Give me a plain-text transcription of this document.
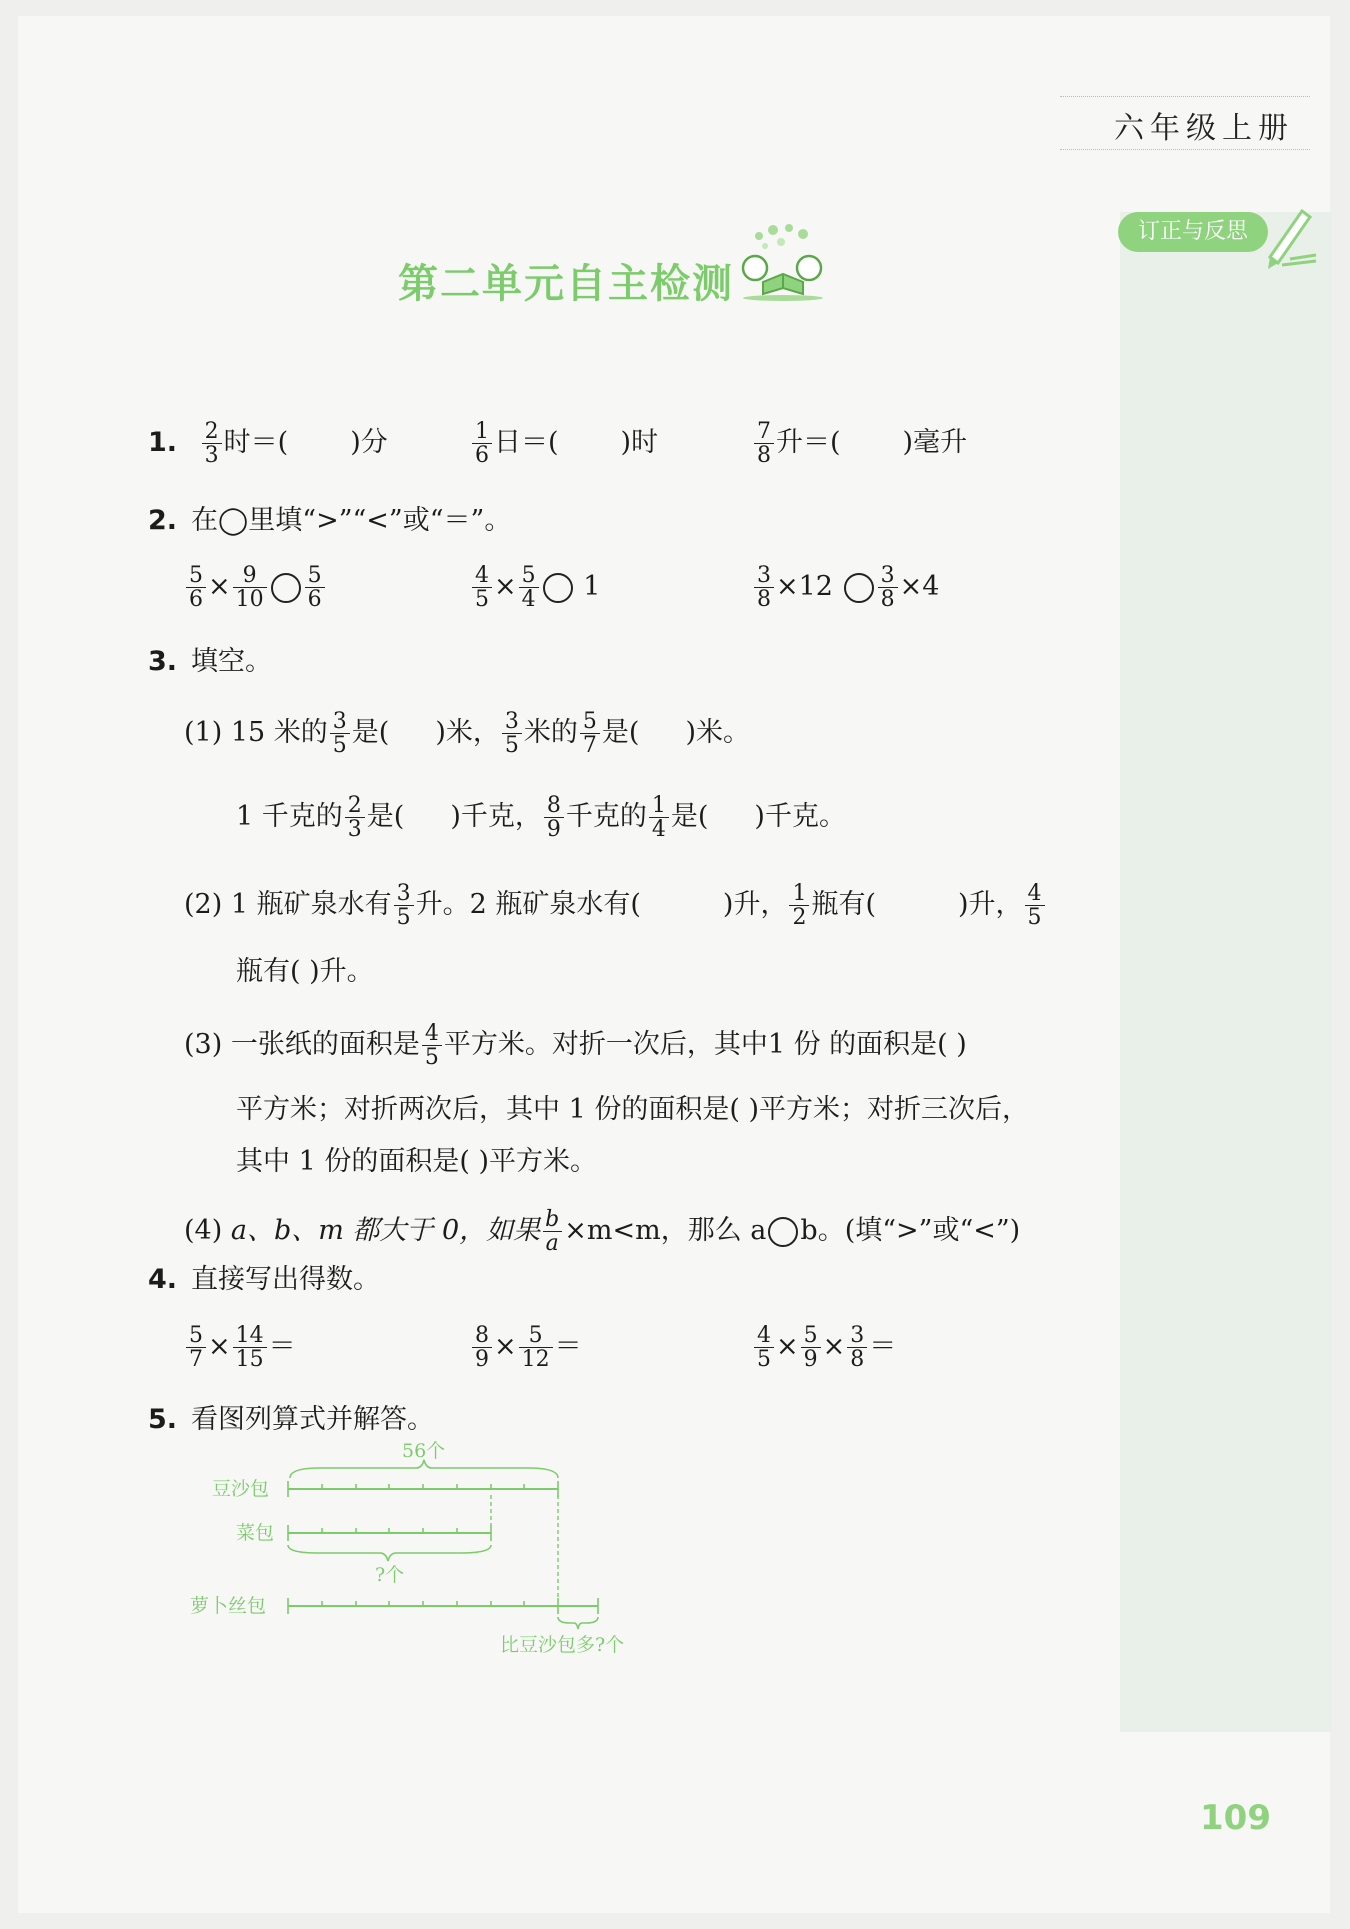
六年级上册
订正与反思
第二单元自主检测
1. $\frac{2}{3}$ 时＝( )分	$\frac{1}{6}$ 日＝( )时	$\frac{7}{8}$ 升＝( )毫升
2. 在◯里填“>”“<”或“＝”。
$\frac{5}{6} \times \frac{9}{10} \frac{5}{6}$	$\frac{4}{5} \times \frac{5}{4} 1$	$\frac{3}{8} \times 12 \frac{3}{8} \times 4$
3. 填空。
(1) 15 米的 $\frac{3}{5}$ 是( )米， $\frac{3}{5}$ 米的 $\frac{5}{7}$ 是( )米。
1 千克的 $\frac{2}{3}$ 是( )千克， $\frac{8}{9}$ 千克的 $\frac{1}{4}$ 是( )千克。
(2) 1 瓶矿泉水有 $\frac{3}{5}$ 升。2 瓶矿泉水有(	)升， $\frac{1}{2}$ 瓶有(	)升， $\frac{4}{5}$
瓶有( )升。
(3) 一张纸的面积是 $\frac{4}{5}$ 平方米。对折一次后，其中1 份 的面积是( )
平方米；对折两次后，其中 1 份的面积是( )平方米；对折三次后，
其中 1 份的面积是( )平方米。
(4) a、b、m 都大于 0，如果 $\frac{b}{a} \times m<m$，那么 a b。(填“>”或“<”)
4. 直接写出得数。
$\frac{5}{7} \times \frac{14}{15}$ ＝	$\frac{8}{9} \times \frac{5}{12}$ ＝	$\frac{4}{5} \times \frac{5}{9} \times \frac{3}{8}$ ＝
5. 看图列算式并解答。
56个
豆沙包
菜包
?个
萝卜丝包
比豆沙包多?个
109
